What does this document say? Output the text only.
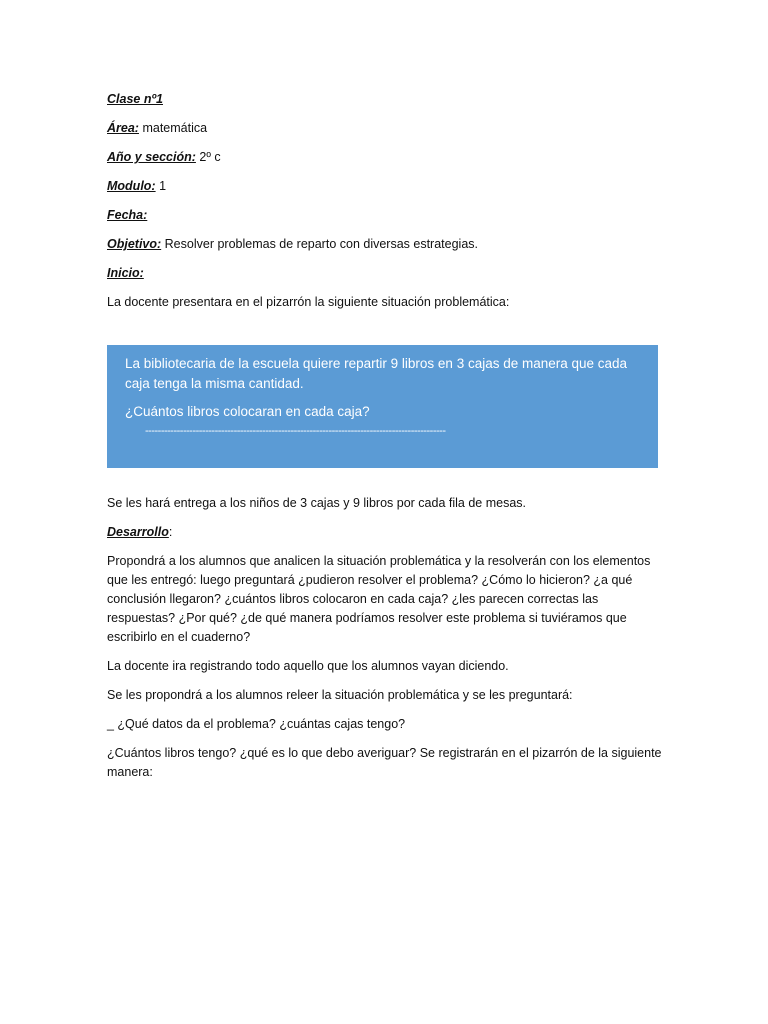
Clase nº1
Área: matemática
Año y sección: 2º c
Modulo: 1
Fecha:
Objetivo: Resolver problemas de reparto con diversas estrategias.
Inicio:
La docente presentara en el pizarrón la siguiente situación problemática:

La bibliotecaria de la escuela quiere repartir 9 libros en 3 cajas de manera que cada caja tenga la misma cantidad.

¿Cuántos libros colocaran en cada caja?

-----------------------------------------------------------------------------------------------

Se les hará entrega a los niños de 3 cajas y 9 libros por cada fila de mesas.

Desarrollo:

Propondrá a los alumnos que analicen la situación problemática y la resolverán con los elementos que les entregó: luego preguntará ¿pudieron resolver el problema? ¿Cómo lo hicieron? ¿a qué conclusión llegaron? ¿cuántos libros colocaron en cada caja? ¿les parecen correctas las respuestas? ¿Por qué? ¿de qué manera podríamos resolver este problema si tuviéramos que escribirlo en el cuaderno?

La docente ira registrando todo aquello que los alumnos vayan diciendo.

Se les propondrá a los alumnos releer la situación problemática y se les preguntará:

_ ¿Qué datos da el problema? ¿cuántas cajas tengo?

¿Cuántos libros tengo? ¿qué es lo que debo averiguar? Se registrarán en el pizarrón de la siguiente manera:
